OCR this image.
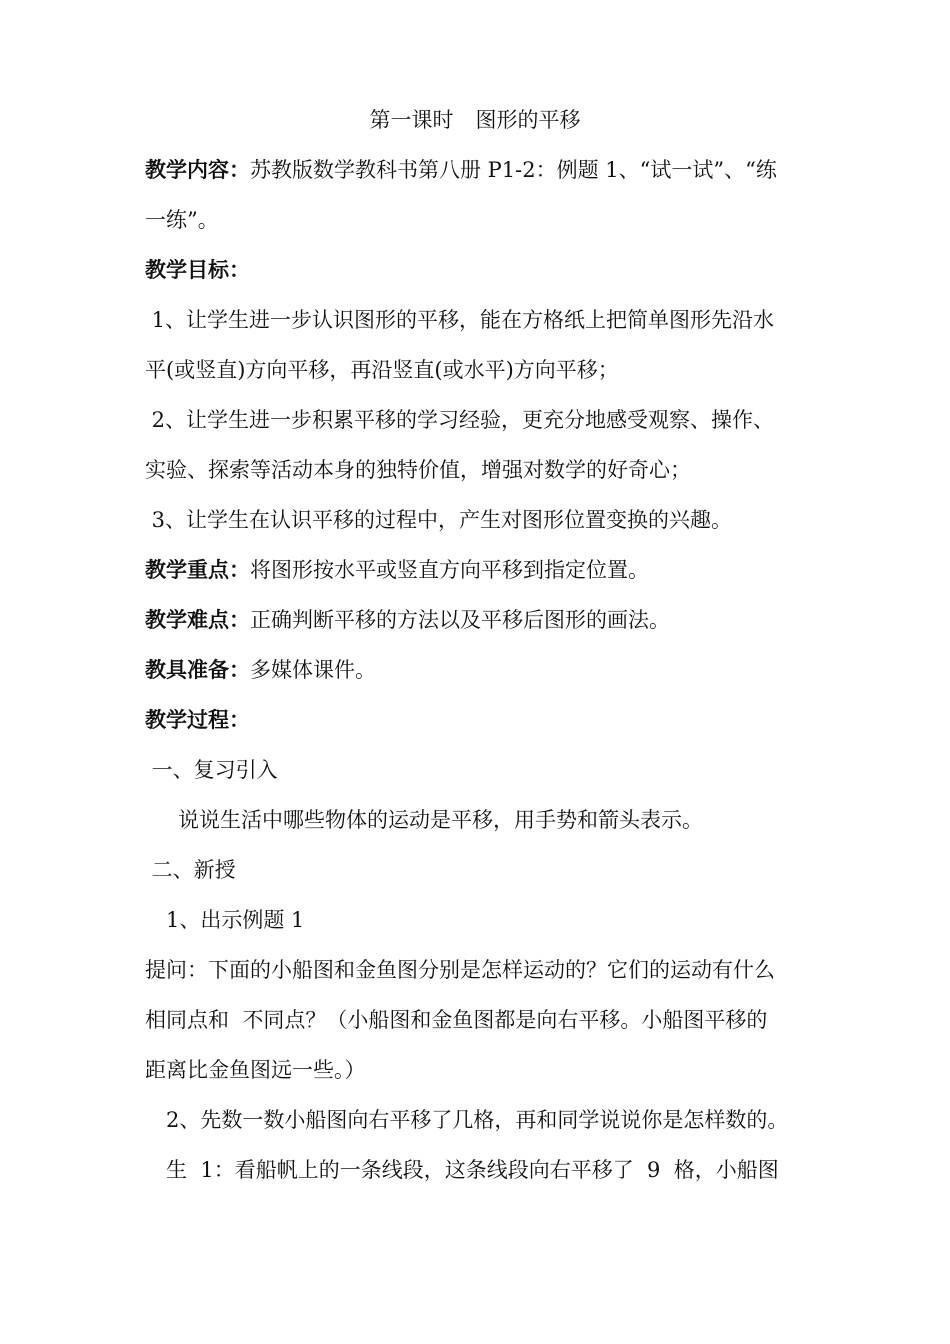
第一课时 图形的平移
教学内容：苏教版数学教科书第八册 P1-2：例题 1、“试一试”、“练
一练”。
教学目标：
1、让学生进一步认识图形的平移，能在方格纸上把简单图形先沿水
平(或竖直)方向平移，再沿竖直(或水平)方向平移；
2、让学生进一步积累平移的学习经验，更充分地感受观察、操作、
实验、探索等活动本身的独特价值，增强对数学的好奇心；
3、让学生在认识平移的过程中，产生对图形位置变换的兴趣。
教学重点：将图形按水平或竖直方向平移到指定位置。
教学难点：正确判断平移的方法以及平移后图形的画法。
教具准备：多媒体课件。
教学过程：
一、复习引入
说说生活中哪些物体的运动是平移，用手势和箭头表示。
二、新授
1、出示例题 1
提问：下面的小船图和金鱼图分别是怎样运动的？它们的运动有什么
相同点和  不同点？（小船图和金鱼图都是向右平移。小船图平移的
距离比金鱼图远一些。）
2、先数一数小船图向右平移了几格，再和同学说说你是怎样数的。
生  1：看船帆上的一条线段，这条线段向右平移了  9  格，小船图
